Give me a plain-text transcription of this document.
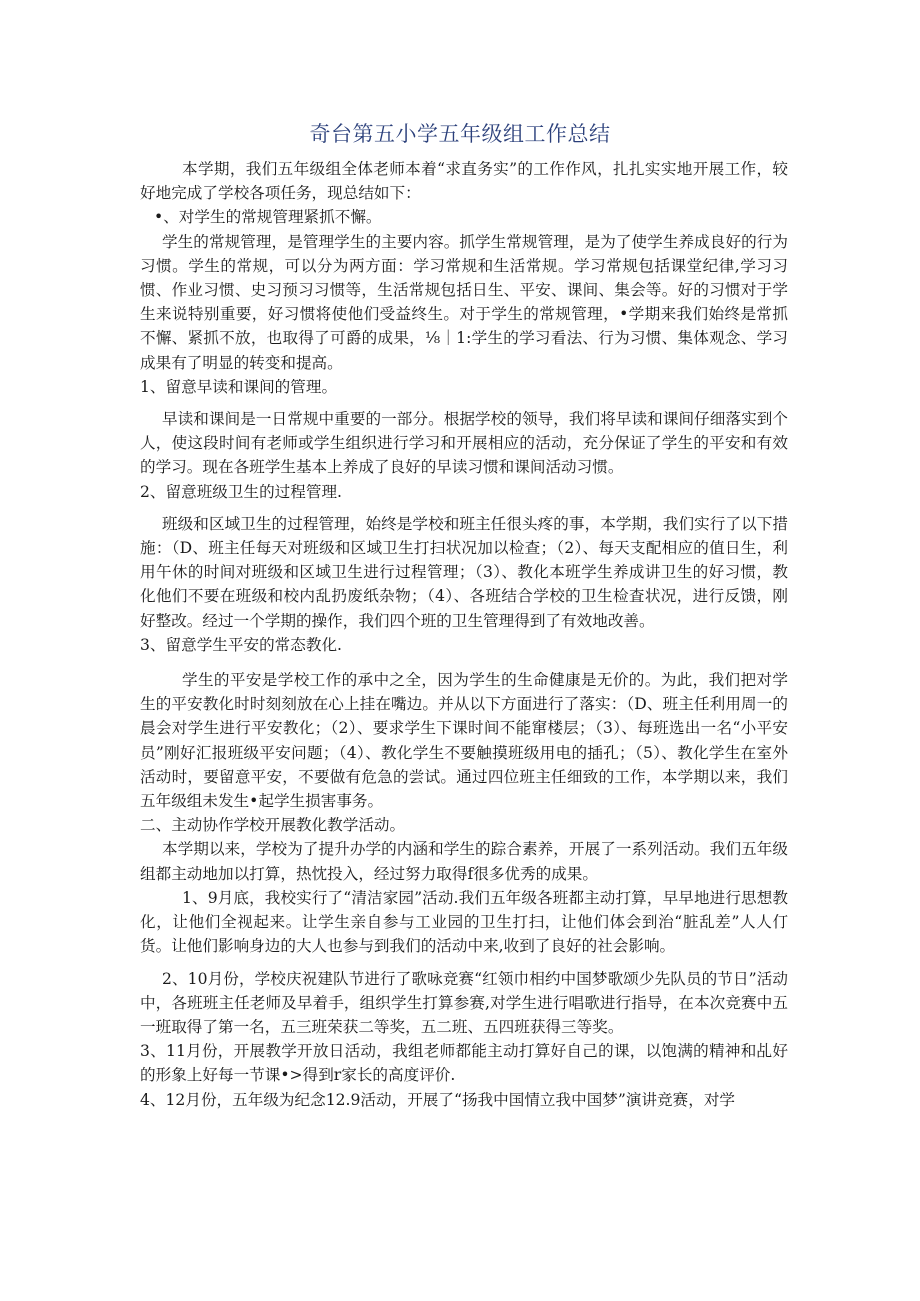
奇台第五小学五年级组工作总结

本学期，我们五年级组全体老师本着“求直务实”的工作作风，扎扎实实地开展工作，较好地完成了学校各项任务，现总结如下：

•、对学生的常规管理紧抓不懈。

学生的常规管理，是管理学生的主要内容。抓学生常规管理，是为了使学生养成良好的行为习惯。学生的常规，可以分为两方面：学习常规和生活常规。学习常规包括课堂纪律,学习习惯、作业习惯、史习预习习惯等，生活常规包括日生、平安、课间、集会等。好的习惯对于学生来说特别重要，好习惯将使他们受益终生。对于学生的常规管理，•学期来我们始终是常抓不懈、紧抓不放，也取得了可爵的成果，⅛｜1:学生的学习看法、行为习惯、集体观念、学习成果有了明显的转变和提高。

1、留意早读和课间的管理。

早读和课间是一日常规中重要的一部分。根据学校的领导，我们将早读和课间仔细落实到个人，使这段时间有老师或学生组织进行学习和开展相应的活动，充分保证了学生的平安和有效的学习。现在各班学生基本上养成了良好的早读习惯和课间活动习惯。

2、留意班级卫生的过程管理.

班级和区域卫生的过程管理，始终是学校和班主任很头疼的事，本学期，我们实行了以下措施：（D、班主任每天对班级和区域卫生打扫状况加以检查；（2）、每天支配相应的值日生，利用午休的时间对班级和区域卫生进行过程管理；（3）、教化本班学生养成讲卫生的好习惯，教化他们不要在班级和校内乱扔废纸杂物；（4）、各班结合学校的卫生检査状况，进行反馈，刚好整改。经过一个学期的操作，我们四个班的卫生管理得到了有效地改善。

3、留意学生平安的常态教化.

学生的平安是学校工作的承中之全，因为学生的生命健康是无价的。为此，我们把对学生的平安教化时时刻刻放在心上挂在嘴边。并从以下方面进行了落实：（D、班主任利用周一的晨会对学生进行平安教化；（2）、要求学生下课时间不能窜楼层；（3）、每班选出一名“小平安员”刚好汇报班级平安问题；（4）、教化学生不要触摸班级用电的插孔；（5）、教化学生在室外活动时，要留意平安，不要做有危急的尝试。通过四位班主任细致的工作，本学期以来，我们五年级组未发生•起学生损害事务。

二、主动协作学校开展教化教学活动。

本学期以来，学校为了提升办学的内涵和学生的踪合素养，开展了一系列活动。我们五年级组都主动地加以打算，热忱投入，经过努力取得f很多优秀的成果。

1、9月底，我校实行了“清洁家园”活动.我们五年级各班都主动打算，早早地进行思想教化，让他们全视起来。让学生亲自参与工业园的卫生打扫，让他们体会到治“脏乱差”人人仃货。让他们影响身边的大人也参与到我们的活动中来,收到了良好的社会影响。

2、10月份，学校庆祝建队节进行了歌咏竞赛“红领巾相约中国梦歌颂少先队员的节日”活动中，各班班主任老师及早着手，组织学生打算参赛,对学生进行唱歌进行指导，在本次竞赛中五一班取得了第一名，五三班荣获二等奖，五二班、五四班获得三等奖。

3、11月份，开展教学开放日活动，我组老师都能主动打算好自己的课，以饱满的精神和乩好的形象上好每一节课•>得到r家长的高度评价.

4、12月份，五年级为纪念12.9活动，开展了“扬我中国情立我中国梦”演讲竞赛，对学
